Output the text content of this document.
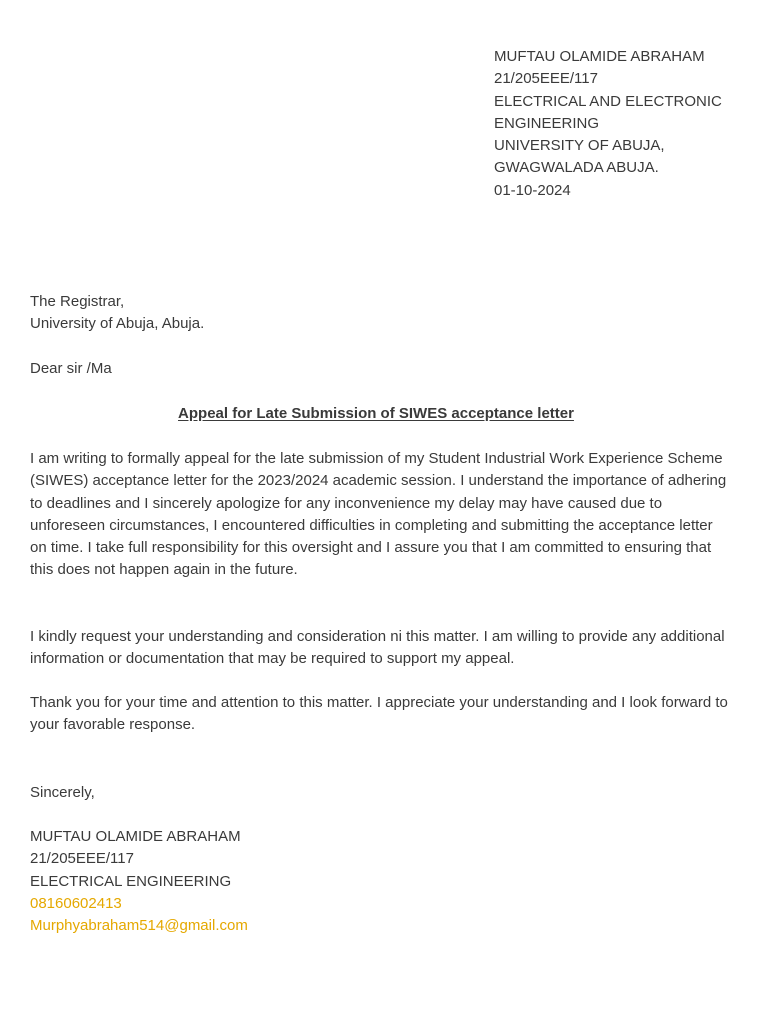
MUFTAU OLAMIDE ABRAHAM
21/205EEE/117
ELECTRICAL AND ELECTRONIC
ENGINEERING
UNIVERSITY OF ABUJA,
GWAGWALADA ABUJA.
01-10-2024
The Registrar,
University of Abuja, Abuja.
Dear sir /Ma
Appeal for Late Submission of SIWES acceptance letter
I am writing to formally appeal for the late submission of my Student Industrial Work Experience Scheme (SIWES) acceptance letter for the 2023/2024 academic session. I understand the importance of adhering to deadlines and I sincerely apologize for any inconvenience my delay may have caused due to unforeseen circumstances, I encountered difficulties in completing and submitting the acceptance letter on time. I take full responsibility for this oversight and I assure you that I am committed to ensuring that this does not happen again in the future.
I kindly request your understanding and consideration ni this matter. I am willing to provide any additional information or documentation that may be required to support my appeal.
Thank you for your time and attention to this matter. I appreciate your understanding and I look forward to your favorable response.
Sincerely,
MUFTAU OLAMIDE ABRAHAM
21/205EEE/117
ELECTRICAL ENGINEERING
08160602413
Murphyabraham514@gmail.com
